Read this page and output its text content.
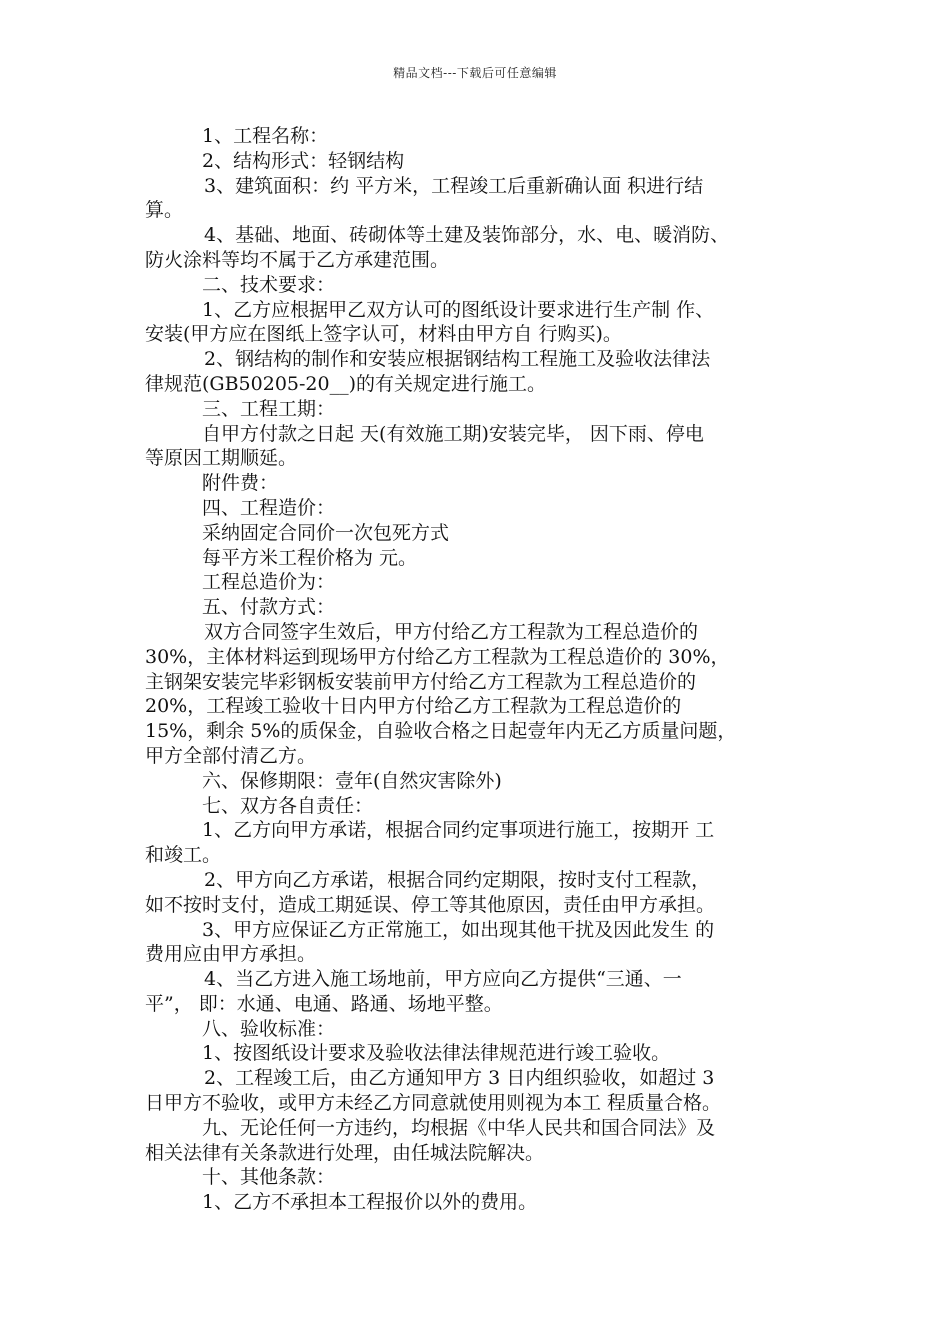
精品文档---下载后可任意编辑
1、工程名称：
2、结构形式：轻钢结构
3、建筑面积：约 平方米，工程竣工后重新确认面 积进行结
算。
4、基础、地面、砖砌体等土建及装饰部分，水、电、暖消防、
防火涂料等均不属于乙方承建范围。
二、技术要求：
1、乙方应根据甲乙双方认可的图纸设计要求进行生产制 作、
安装(甲方应在图纸上签字认可，材料由甲方自 行购买)。
2、钢结构的制作和安装应根据钢结构工程施工及验收法律法
律规范(GB50205-20__)的有关规定进行施工。
三、工程工期：
自甲方付款之日起 天(有效施工期)安装完毕， 因下雨、停电
等原因工期顺延。
附件费：
四、工程造价：
采纳固定合同价一次包死方式
每平方米工程价格为 元。
工程总造价为：
五、付款方式：
双方合同签字生效后，甲方付给乙方工程款为工程总造价的
30%，主体材料运到现场甲方付给乙方工程款为工程总造价的 30%，
主钢架安装完毕彩钢板安装前甲方付给乙方工程款为工程总造价的
20%，工程竣工验收十日内甲方付给乙方工程款为工程总造价的
15%，剩余 5%的质保金，自验收合格之日起壹年内无乙方质量问题，
甲方全部付清乙方。
六、保修期限：壹年(自然灾害除外)
七、双方各自责任：
1、乙方向甲方承诺，根据合同约定事项进行施工，按期开 工
和竣工。
2、甲方向乙方承诺，根据合同约定期限，按时支付工程款，
如不按时支付，造成工期延误、停工等其他原因，责任由甲方承担。
3、甲方应保证乙方正常施工，如出现其他干扰及因此发生 的
费用应由甲方承担。
4、当乙方进入施工场地前，甲方应向乙方提供“三通、一
平”， 即：水通、电通、路通、场地平整。
八、验收标准：
1、按图纸设计要求及验收法律法律规范进行竣工验收。
2、工程竣工后，由乙方通知甲方 3 日内组织验收，如超过 3
日甲方不验收，或甲方未经乙方同意就使用则视为本工 程质量合格。
九、无论任何一方违约，均根据《中华人民共和国合同法》及
相关法律有关条款进行处理，由任城法院解决。
十、其他条款：
1、乙方不承担本工程报价以外的费用。
